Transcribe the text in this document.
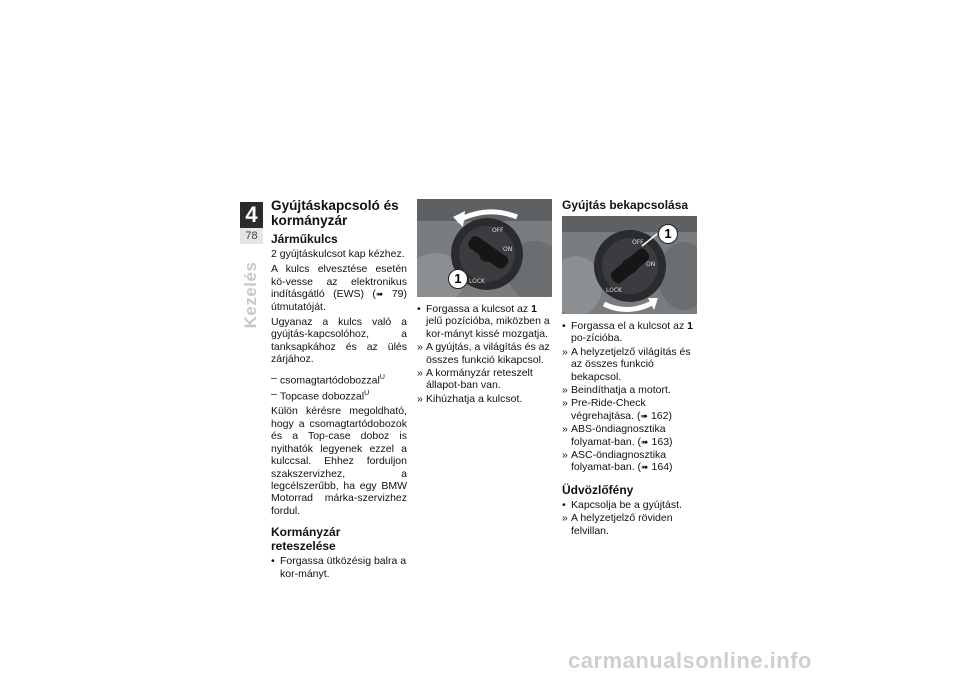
4
78
Kezelés
Gyújtáskapcsoló és kormányzár
Járműkulcs

2 gyújtáskulcsot kap kézhez.

A kulcs elvesztése esetén kö-vesse az elektronikus indításgátló (EWS) (➠ 79) útmutatóját.

Ugyanaz a kulcs való a gyújtás-kapcsolóhoz, a tanksapkához és az ülés zárjához.

– csomagtartódobozzal$^U$
– Topcase dobozzal$^U$

Külön kérésre megoldható, hogy a csomagtartódobozok és a Top-case doboz is nyithatók legyenek ezzel a kulccsal. Ehhez forduljon szakszervizhez, a legcélszerűbb, ha egy BMW Motorrad márka-szervizhez fordul.

Kormányzár reteszelése
• Forgassa ütközésig balra a kor-mányt.
OFF
ON
LOCK
1
• Forgassa a kulcsot az 1 jelű pozícióba, miközben a kor-mányt kissé mozgatja.
» A gyújtás, a világítás és az összes funkció kikapcsol.
» A kormányzár reteszelt állapot-ban van.
» Kihúzhatja a kulcsot.
Gyújtás bekapcsolása
OFF
ON
LOCK
1
• Forgassa el a kulcsot az 1 po-zícióba.
» A helyzetjelző világítás és az összes funkció bekapcsol.
» Beindíthatja a motort.
» Pre-Ride-Check végrehajtása. (➠ 162)
» ABS-öndiagnosztika folyamat-ban. (➠ 163)
» ASC-öndiagnosztika folyamat-ban. (➠ 164)
Üdvözlőfény
• Kapcsolja be a gyújtást.
» A helyzetjelző röviden felvillan.
carmanualsonline.info
